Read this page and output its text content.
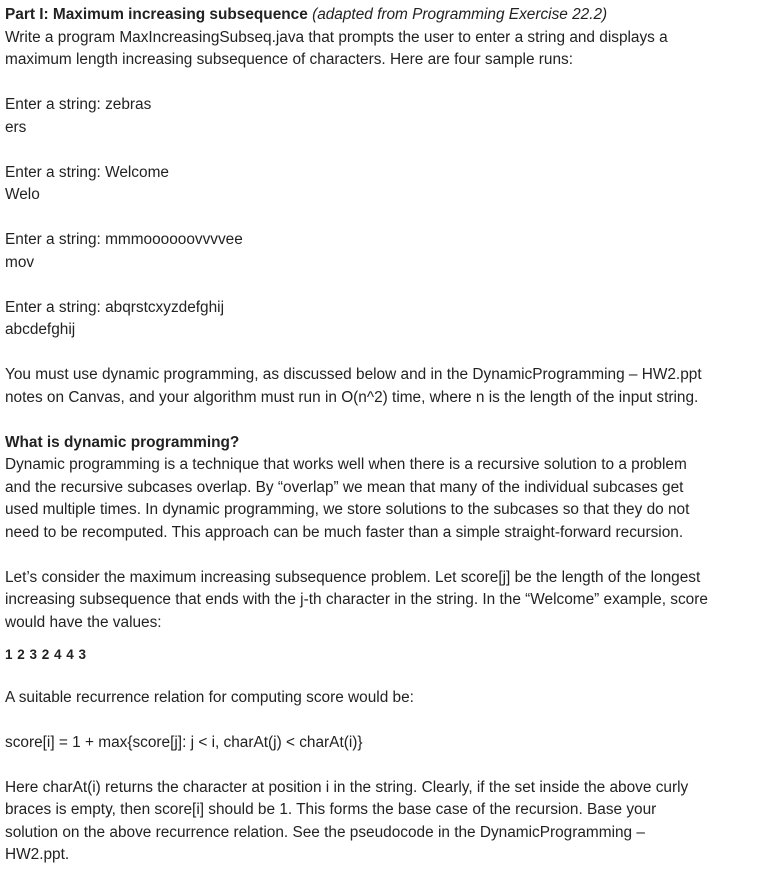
Part I: Maximum increasing subsequence (adapted from Programming Exercise 22.2)

Write a program MaxIncreasingSubseq.java that prompts the user to enter a string and displays a

maximum length increasing subsequence of characters. Here are four sample runs:

Enter a string: zebras

ers

Enter a string: Welcome

Welo

Enter a string: mmmoooooovvvvee

mov

Enter a string: abqrstcxyzdefghij

abcdefghij

You must use dynamic programming, as discussed below and in the DynamicProgramming – HW2.ppt

notes on Canvas, and your algorithm must run in O(n^2) time, where n is the length of the input string.

What is dynamic programming?

Dynamic programming is a technique that works well when there is a recursive solution to a problem

and the recursive subcases overlap. By “overlap” we mean that many of the individual subcases get

used multiple times. In dynamic programming, we store solutions to the subcases so that they do not

need to be recomputed. This approach can be much faster than a simple straight-forward recursion.

Let’s consider the maximum increasing subsequence problem. Let score[j] be the length of the longest

increasing subsequence that ends with the j-th character in the string. In the “Welcome” example, score

would have the values:

1 2 3 2 4 4 3

A suitable recurrence relation for computing score would be:

score[i] = 1 + max{score[j]: j < i, charAt(j) < charAt(i)}

Here charAt(i) returns the character at position i in the string. Clearly, if the set inside the above curly

braces is empty, then score[i] should be 1. This forms the base case of the recursion. Base your

solution on the above recurrence relation. See the pseudocode in the DynamicProgramming –

HW2.ppt.
